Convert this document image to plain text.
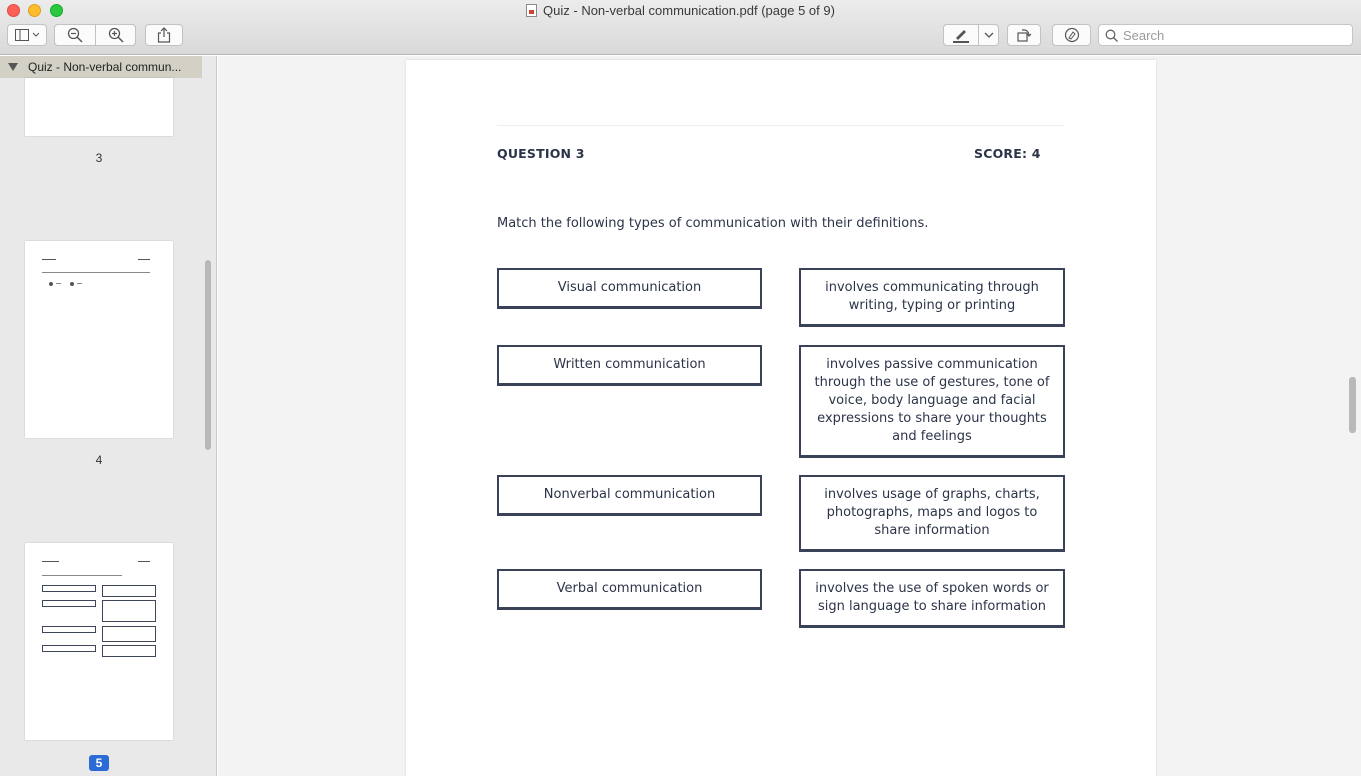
Quiz - Non-verbal communication.pdf (page 5 of 9)
Search
Quiz - Non-verbal commun...
3
4
5
QUESTION 3	SCORE: 4
Match the following types of communication with their definitions.
Visual communication	involves communicating through writing, typing or printing
Written communication	involves passive communication through the use of gestures, tone of voice, body language and facial expressions to share your thoughts and feelings
Nonverbal communication	involves usage of graphs, charts, photographs, maps and logos to share information
Verbal communication	involves the use of spoken words or sign language to share information
